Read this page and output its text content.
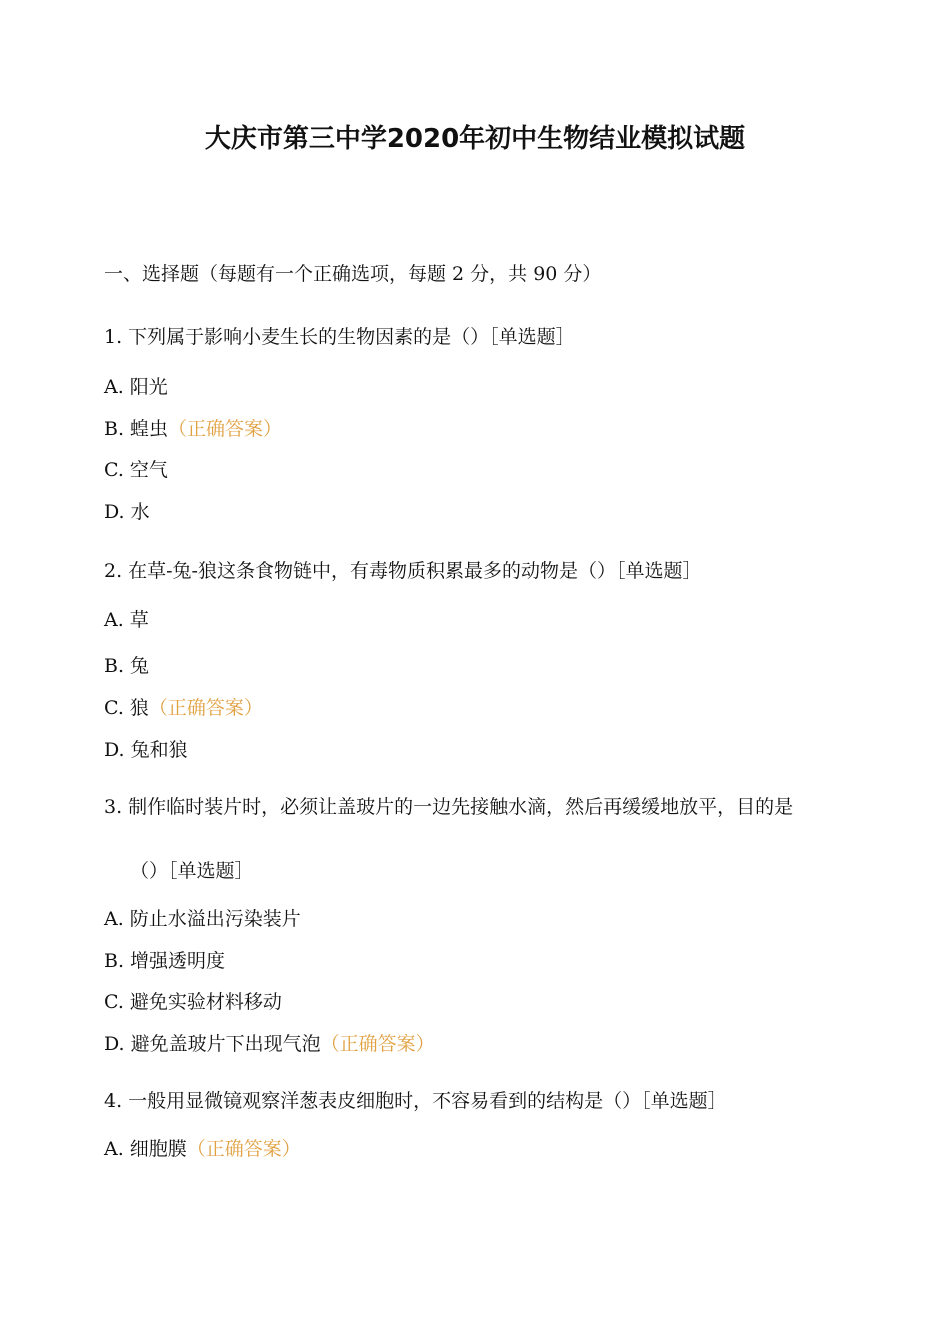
大庆市第三中学2020年初中生物结业模拟试题
一、选择题（每题有一个正确选项，每题 2 分，共 90 分）
1. 下列属于影响小麦生长的生物因素的是（）［单选题］
A. 阳光
B. 蝗虫（正确答案）
C. 空气
D. 水
2. 在草-兔-狼这条食物链中，有毒物质积累最多的动物是（）［单选题］
A. 草
B. 兔
C. 狼（正确答案）
D. 兔和狼
3. 制作临时装片时，必须让盖玻片的一边先接触水滴，然后再缓缓地放平，目的是
（）［单选题］
A. 防止水溢出污染装片
B. 增强透明度
C. 避免实验材料移动
D. 避免盖玻片下出现气泡（正确答案）
4. 一般用显微镜观察洋葱表皮细胞时，不容易看到的结构是（）［单选题］
A. 细胞膜（正确答案）
